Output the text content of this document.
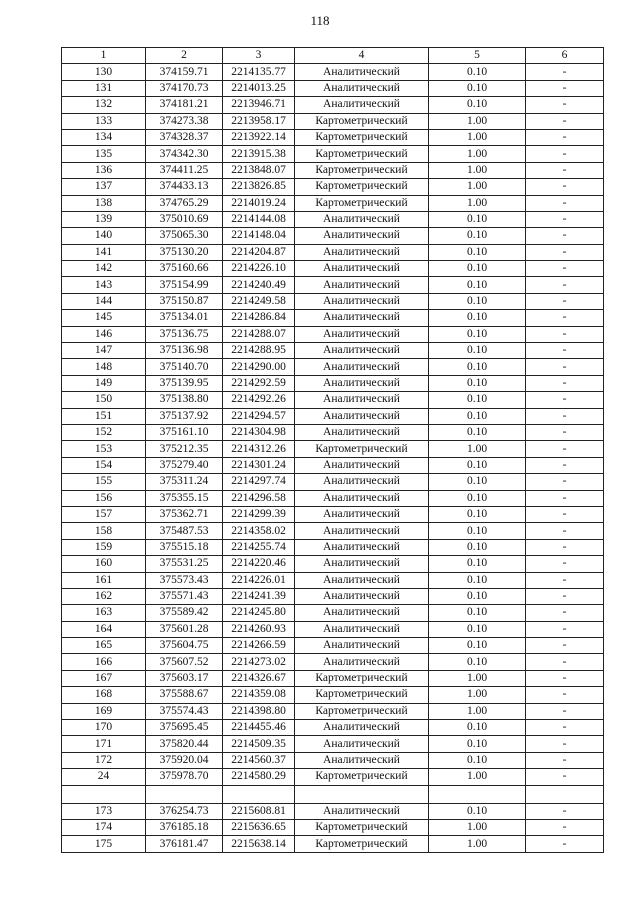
118
1	2	3	4	5	6
130	374159.71	2214135.77	Аналитический	0.10	-
131	374170.73	2214013.25	Аналитический	0.10	-
132	374181.21	2213946.71	Аналитический	0.10	-
133	374273.38	2213958.17	Картометрический	1.00	-
134	374328.37	2213922.14	Картометрический	1.00	-
135	374342.30	2213915.38	Картометрический	1.00	-
136	374411.25	2213848.07	Картометрический	1.00	-
137	374433.13	2213826.85	Картометрический	1.00	-
138	374765.29	2214019.24	Картометрический	1.00	-
139	375010.69	2214144.08	Аналитический	0.10	-
140	375065.30	2214148.04	Аналитический	0.10	-
141	375130.20	2214204.87	Аналитический	0.10	-
142	375160.66	2214226.10	Аналитический	0.10	-
143	375154.99	2214240.49	Аналитический	0.10	-
144	375150.87	2214249.58	Аналитический	0.10	-
145	375134.01	2214286.84	Аналитический	0.10	-
146	375136.75	2214288.07	Аналитический	0.10	-
147	375136.98	2214288.95	Аналитический	0.10	-
148	375140.70	2214290.00	Аналитический	0.10	-
149	375139.95	2214292.59	Аналитический	0.10	-
150	375138.80	2214292.26	Аналитический	0.10	-
151	375137.92	2214294.57	Аналитический	0.10	-
152	375161.10	2214304.98	Аналитический	0.10	-
153	375212.35	2214312.26	Картометрический	1.00	-
154	375279.40	2214301.24	Аналитический	0.10	-
155	375311.24	2214297.74	Аналитический	0.10	-
156	375355.15	2214296.58	Аналитический	0.10	-
157	375362.71	2214299.39	Аналитический	0.10	-
158	375487.53	2214358.02	Аналитический	0.10	-
159	375515.18	2214255.74	Аналитический	0.10	-
160	375531.25	2214220.46	Аналитический	0.10	-
161	375573.43	2214226.01	Аналитический	0.10	-
162	375571.43	2214241.39	Аналитический	0.10	-
163	375589.42	2214245.80	Аналитический	0.10	-
164	375601.28	2214260.93	Аналитический	0.10	-
165	375604.75	2214266.59	Аналитический	0.10	-
166	375607.52	2214273.02	Аналитический	0.10	-
167	375603.17	2214326.67	Картометрический	1.00	-
168	375588.67	2214359.08	Картометрический	1.00	-
169	375574.43	2214398.80	Картометрический	1.00	-
170	375695.45	2214455.46	Аналитический	0.10	-
171	375820.44	2214509.35	Аналитический	0.10	-
172	375920.04	2214560.37	Аналитический	0.10	-
24	375978.70	2214580.29	Картометрический	1.00	-

173	376254.73	2215608.81	Аналитический	0.10	-
174	376185.18	2215636.65	Картометрический	1.00	-
175	376181.47	2215638.14	Картометрический	1.00	-
